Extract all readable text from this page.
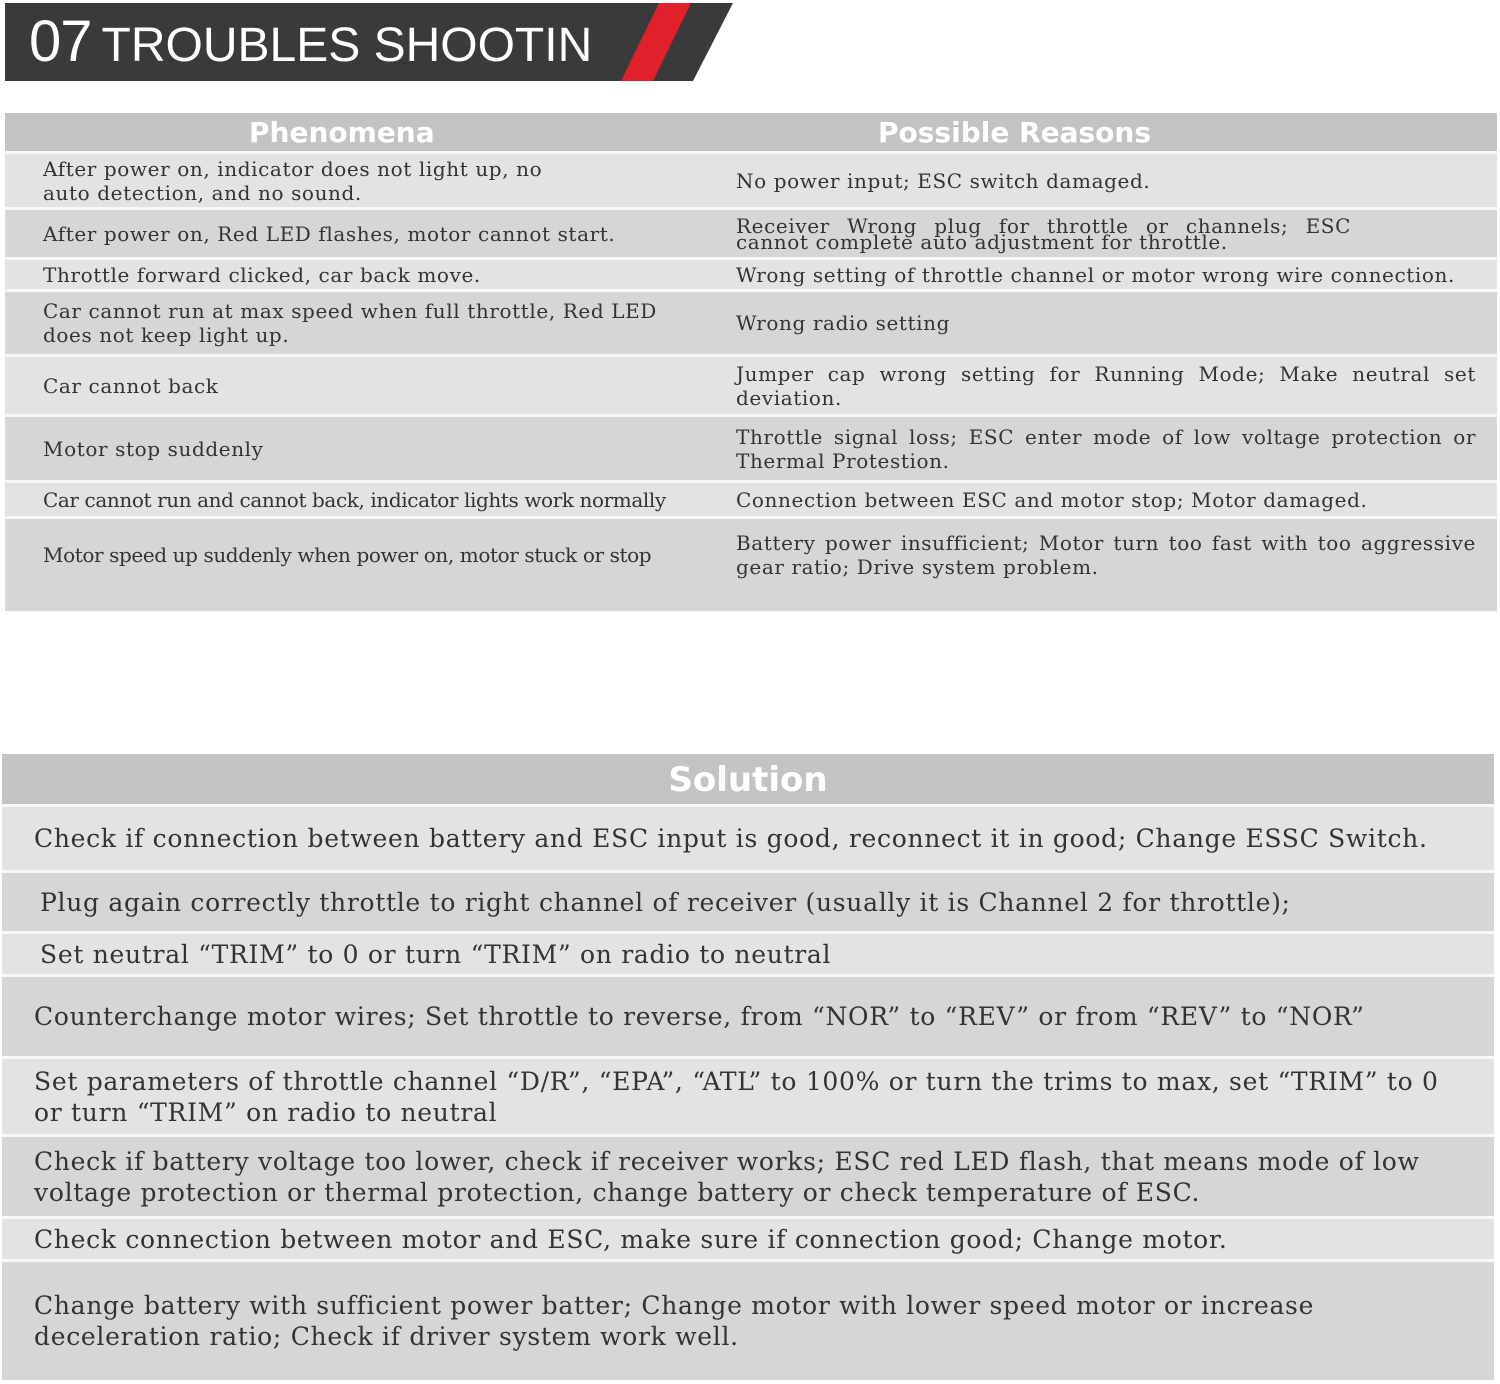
07 TROUBLES SHOOTIN
Phenomena	Possible Reasons
After power on, indicator does not light up, no auto detection, and no sound.	No power input; ESC switch damaged.
After power on, Red LED flashes, motor cannot start.	Receiver Wrong plug for throttle or channels; ESC cannot complete auto adjustment for throttle.
Throttle forward clicked, car back move.	Wrong setting of throttle channel or motor wrong wire connection.
Car cannot run at max speed when full throttle, Red LED does not keep light up.	Wrong radio setting
Car cannot back	Jumper cap wrong setting for Running Mode; Make neutral set deviation.
Motor stop suddenly	Throttle signal loss; ESC enter mode of low voltage protection or Thermal Protestion.
Car cannot run and cannot back, indicator lights work normally	Connection between ESC and motor stop; Motor damaged.
Motor speed up suddenly when power on, motor stuck or stop	Battery power insufficient; Motor turn too fast with too aggressive gear ratio; Drive system problem.
Solution
Check if connection between battery and ESC input is good, reconnect it in good; Change ESSC Switch.
Plug again correctly throttle to right channel of receiver (usually it is Channel 2 for throttle);
Set neutral “TRIM” to 0 or turn “TRIM” on radio to neutral
Counterchange motor wires; Set throttle to reverse, from “NOR” to “REV” or from “REV” to “NOR”
Set parameters of throttle channel “D/R”, “EPA”, “ATL” to 100% or turn the trims to max, set “TRIM” to 0 or turn “TRIM” on radio to neutral
Check if battery voltage too lower, check if receiver works; ESC red LED flash, that means mode of low voltage protection or thermal protection, change battery or check temperature of ESC.
Check connection between motor and ESC, make sure if connection good; Change motor.
Change battery with sufficient power batter; Change motor with lower speed motor or increase deceleration ratio; Check if driver system work well.
